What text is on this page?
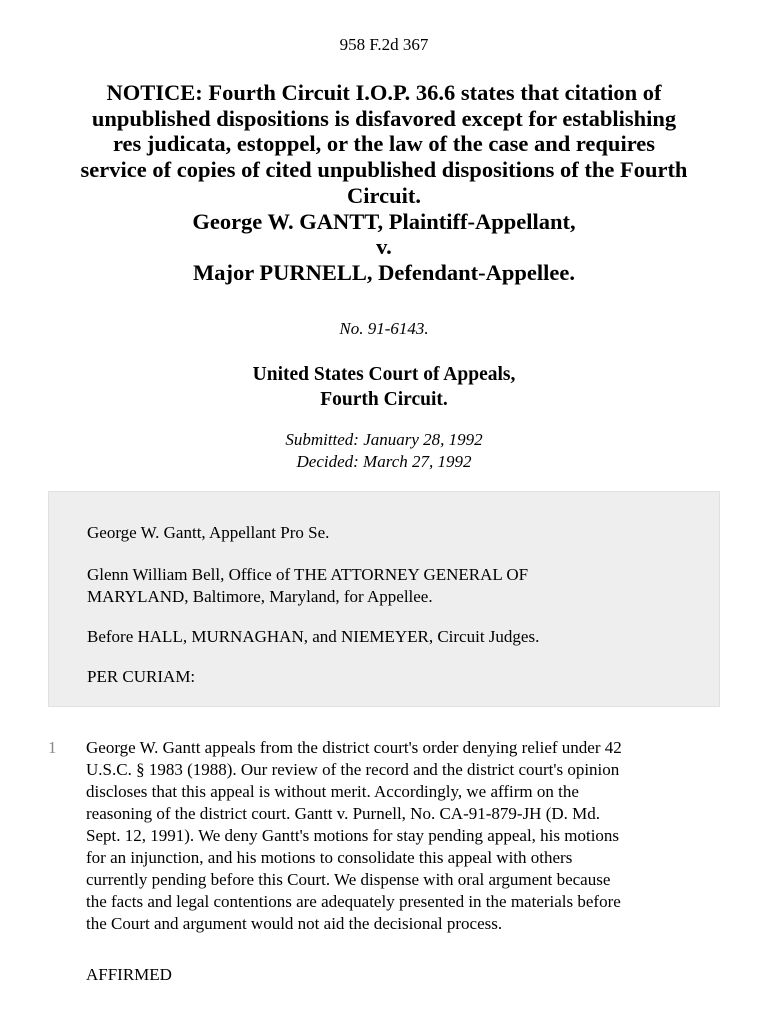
958 F.2d 367
NOTICE: Fourth Circuit I.O.P. 36.6 states that citation of
unpublished dispositions is disfavored except for establishing
res judicata, estoppel, or the law of the case and requires
service of copies of cited unpublished dispositions of the Fourth
Circuit.
George W. GANTT, Plaintiff-Appellant,
v.
Major PURNELL, Defendant-Appellee.
No. 91-6143.
United States Court of Appeals,
Fourth Circuit.
Submitted: January 28, 1992
Decided: March 27, 1992

George W. Gantt, Appellant Pro Se.

Glenn William Bell, Office of THE ATTORNEY GENERAL OF

MARYLAND, Baltimore, Maryland, for Appellee.

Before HALL, MURNAGHAN, and NIEMEYER, Circuit Judges.

PER CURIAM:

1 George W. Gantt appeals from the district court's order denying relief under 42
U.S.C. § 1983 (1988). Our review of the record and the district court's opinion
discloses that this appeal is without merit. Accordingly, we affirm on the
reasoning of the district court. Gantt v. Purnell, No. CA-91-879-JH (D. Md.
Sept. 12, 1991). We deny Gantt's motions for stay pending appeal, his motions
for an injunction, and his motions to consolidate this appeal with others
currently pending before this Court. We dispense with oral argument because
the facts and legal contentions are adequately presented in the materials before
the Court and argument would not aid the decisional process.
AFFIRMED
